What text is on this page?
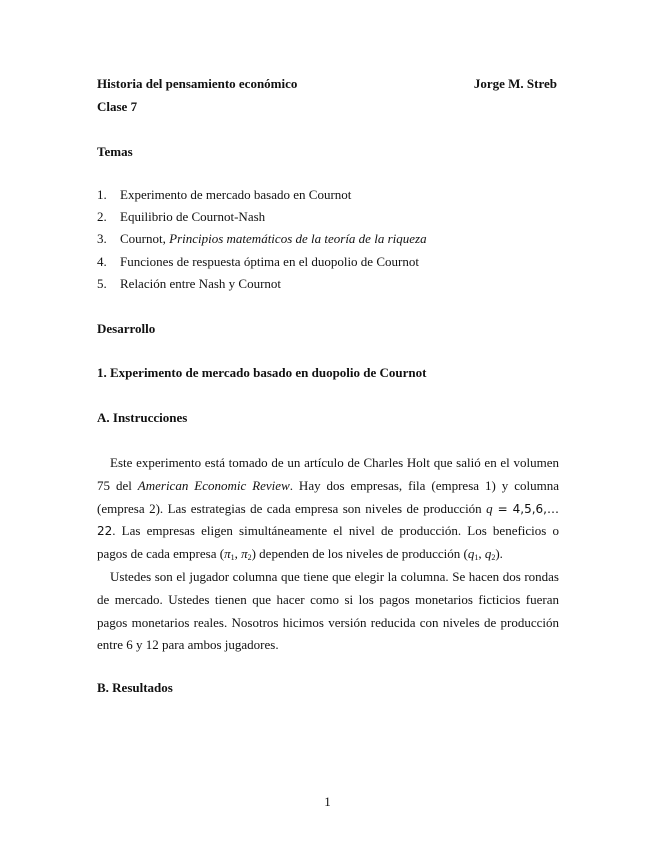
Historia del pensamiento económico	Jorge M. Streb
Clase 7
Temas
1. Experimento de mercado basado en Cournot
2. Equilibrio de Cournot-Nash
3. Cournot, Principios matemáticos de la teoría de la riqueza
4. Funciones de respuesta óptima en el duopolio de Cournot
5. Relación entre Nash y Cournot
Desarrollo
1. Experimento de mercado basado en duopolio de Cournot
A. Instrucciones
Este experimento está tomado de un artículo de Charles Holt que salió en el volumen 75 del American Economic Review. Hay dos empresas, fila (empresa 1) y columna (empresa 2). Las estrategias de cada empresa son niveles de producción q = 4,5,6,…22. Las empresas eligen simultáneamente el nivel de producción. Los beneficios o pagos de cada empresa ($\pi_1$, $\pi_2$) dependen de los niveles de producción ($q_1$, $q_2$).
Ustedes son el jugador columna que tiene que elegir la columna. Se hacen dos rondas de mercado. Ustedes tienen que hacer como si los pagos monetarios ficticios fueran pagos monetarios reales. Nosotros hicimos versión reducida con niveles de producción entre 6 y 12 para ambos jugadores.
B. Resultados
1
